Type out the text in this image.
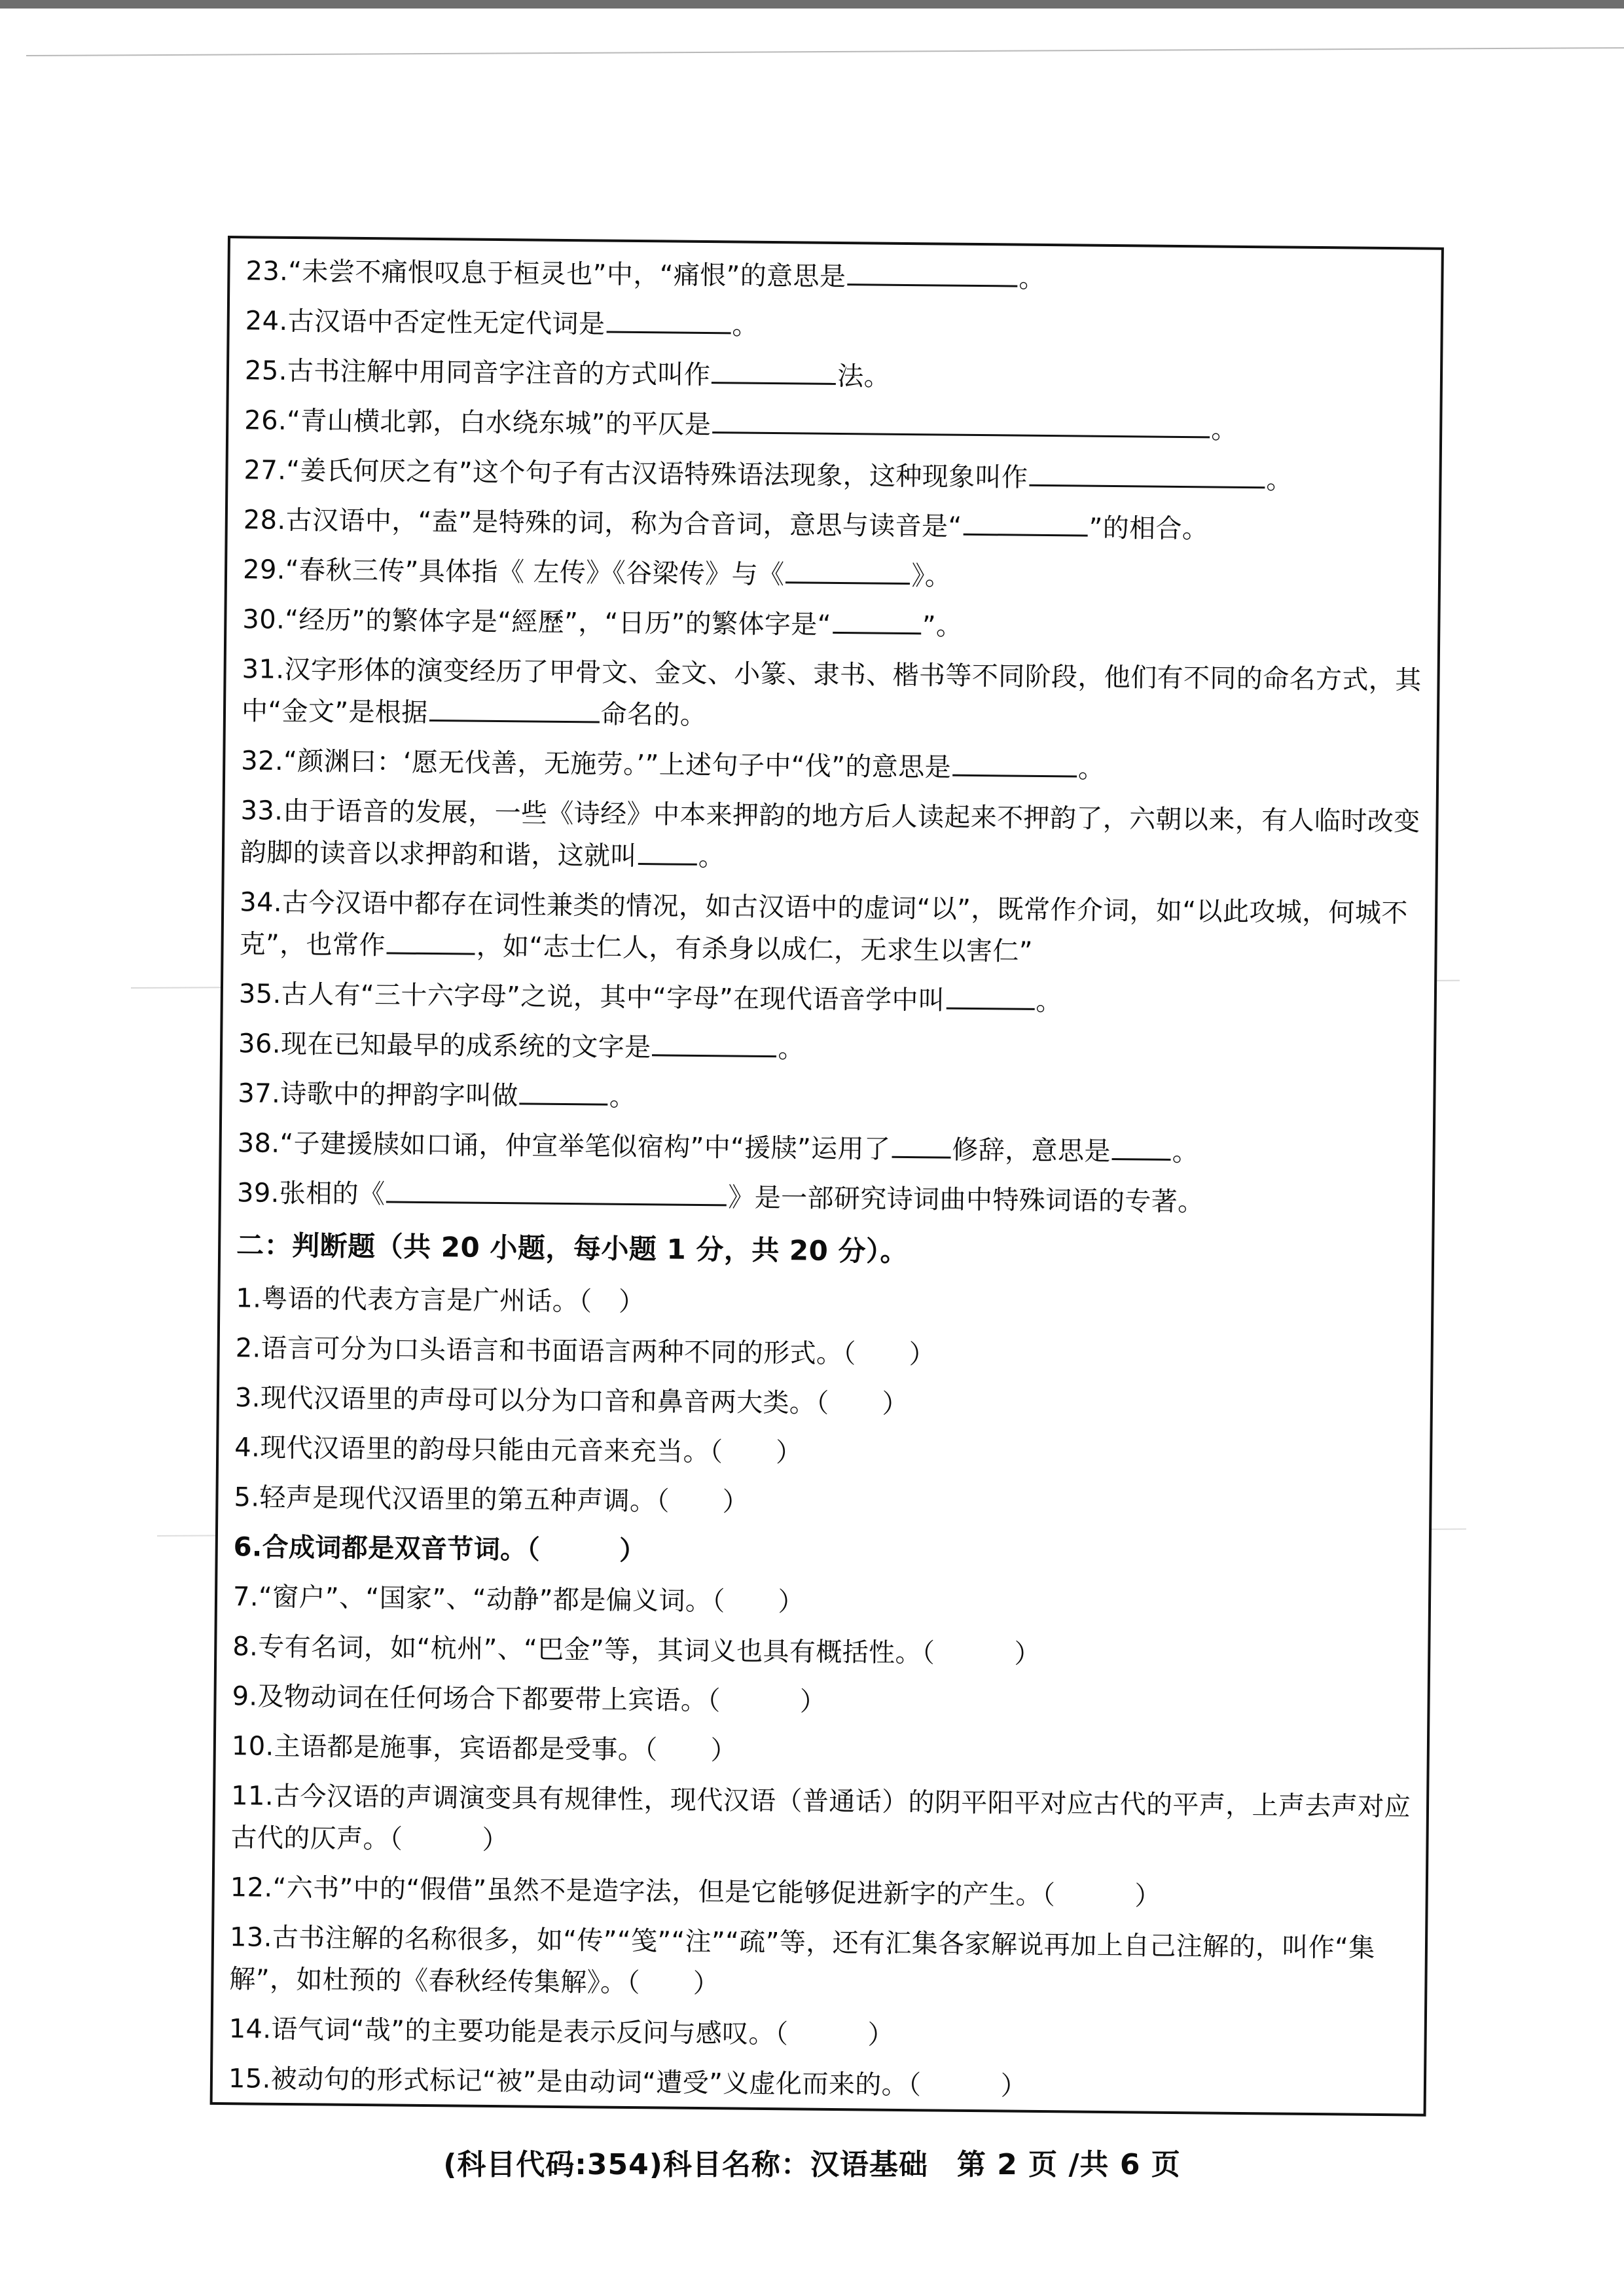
23.“未尝不痛恨叹息于桓灵也”中，“痛恨”的意思是	。

24.古汉语中否定性无定代词是	。

25.古书注解中用同音字注音的方式叫作	法。

26.“青山横北郭，白水绕东城”的平仄是	。

27.“姜氏何厌之有”这个句子有古汉语特殊语法现象，这种现象叫作	。

28.古汉语中，“盍”是特殊的词，称为合音词，意思与读音是“	”的相合。

29.“春秋三传”具体指《 左传》《谷梁传》与《	》。

30.“经历”的繁体字是“經歷”，“日历”的繁体字是“	”。

31.汉字形体的演变经历了甲骨文、金文、小篆、隶书、楷书等不同阶段，他们有不同的命名方式，其中“金文”是根据	命名的。

32.“颜渊曰：‘愿无伐善，无施劳。’”上述句子中“伐”的意思是	。

33.由于语音的发展，一些《诗经》中本来押韵的地方后人读起来不押韵了，六朝以来，有人临时改变韵脚的读音以求押韵和谐，这就叫 。

34.古今汉语中都存在词性兼类的情况，如古汉语中的虚词“以”，既常作介词，如“以此攻城，何城不克”，也常作	，如“志士仁人，有杀身以成仁，无求生以害仁”

35.古人有“三十六字母”之说，其中“字母”在现代语音学中叫	。

36.现在已知最早的成系统的文字是	。

37.诗歌中的押韵字叫做	。

38.“子建援牍如口诵，仲宣举笔似宿构”中“援牍”运用了 修辞，意思是 。

39.张相的《	》是一部研究诗词曲中特殊词语的专著。

二：判断题（共 20 小题，每小题 1 分，共 20 分）。

1.粤语的代表方言是广州话。（　）

2.语言可分为口头语言和书面语言两种不同的形式。（　　）

3.现代汉语里的声母可以分为口音和鼻音两大类。（　　）

4.现代汉语里的韵母只能由元音来充当。（　　）

5.轻声是现代汉语里的第五种声调。（　　）

6.合成词都是双音节词。（　　　）

7.“窗户”、“国家”、“动静”都是偏义词。（　　）

8.专有名词，如“杭州”、“巴金”等，其词义也具有概括性。（　　　）

9.及物动词在任何场合下都要带上宾语。（　　　）

10.主语都是施事，宾语都是受事。（　　）

11.古今汉语的声调演变具有规律性，现代汉语（普通话）的阴平阳平对应古代的平声，上声去声对应古代的仄声。（　　　）

12.“六书”中的“假借”虽然不是造字法，但是它能够促进新字的产生。（　　　）

13.古书注解的名称很多，如“传”“笺”“注”“疏”等，还有汇集各家解说再加上自己注解的，叫作“集解”，如杜预的《春秋经传集解》。（　　）

14.语气词“哉”的主要功能是表示反问与感叹。（　　　）

15.被动句的形式标记“被”是由动词“遭受”义虚化而来的。（　　　）

(科目代码:354)科目名称：汉语基础 第 2 页 /共 6 页
